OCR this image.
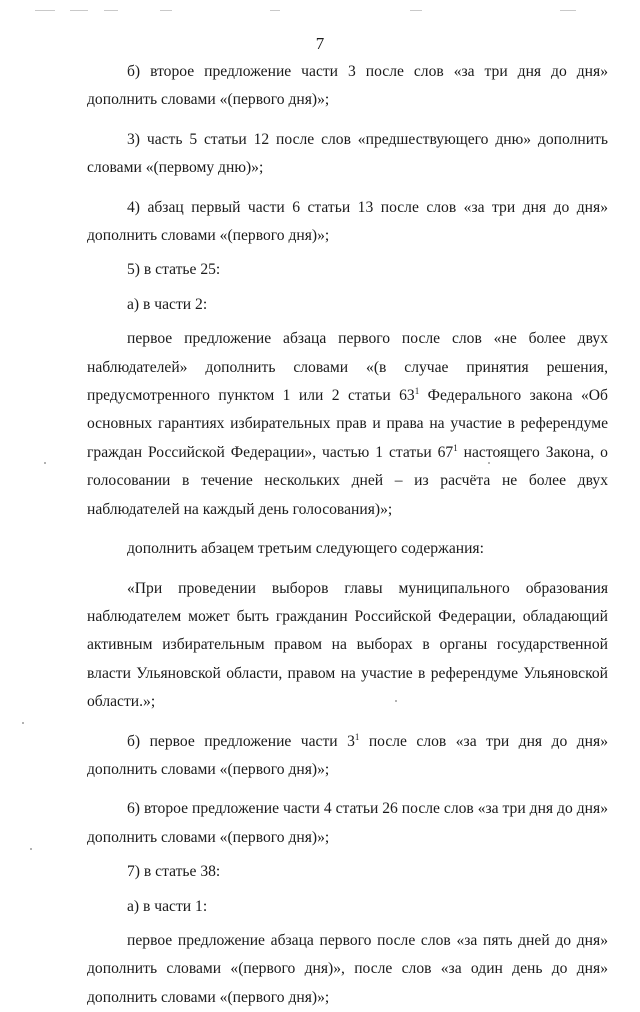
7

б) второе предложение части 3 после слов «за три дня до дня» дополнить словами «(первого дня)»;

3) часть 5 статьи 12 после слов «предшествующего дню» дополнить словами «(первому дню)»;

4) абзац первый части 6 статьи 13 после слов «за три дня до дня» дополнить словами «(первого дня)»;

5) в статье 25:

а) в части 2:

первое предложение абзаца первого после слов «не более двух наблюдателей» дополнить словами «(в случае принятия решения, предусмотренного пунктом 1 или 2 статьи $63^1$ Федерального закона «Об основных гарантиях избирательных прав и права на участие в референдуме граждан Российской Федерации», частью 1 статьи $67^1$ настоящего Закона, о голосовании в течение нескольких дней – из расчёта не более двух наблюдателей на каждый день голосования)»;

дополнить абзацем третьим следующего содержания:

«При проведении выборов главы муниципального образования наблюдателем может быть гражданин Российской Федерации, обладающий активным избирательным правом на выборах в органы государственной власти Ульяновской области, правом на участие в референдуме Ульяновской области.»;

б) первое предложение части $3^1$ после слов «за три дня до дня» дополнить словами «(первого дня)»;

6) второе предложение части 4 статьи 26 после слов «за три дня до дня» дополнить словами «(первого дня)»;

7) в статье 38:

а) в части 1:

первое предложение абзаца первого после слов «за пять дней до дня» дополнить словами «(первого дня)», после слов «за один день до дня» дополнить словами «(первого дня)»;
